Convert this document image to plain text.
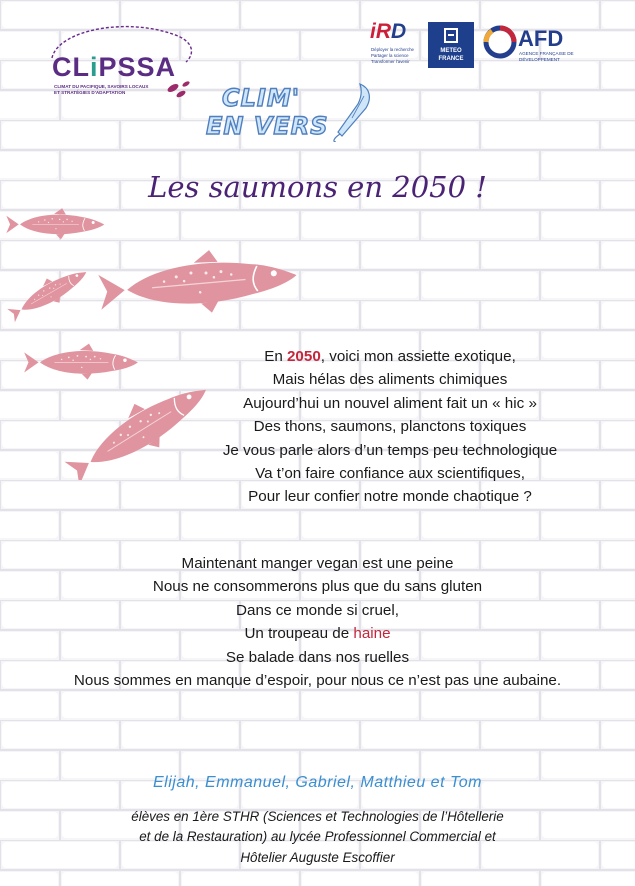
CLiPSSA
CLIMAT DU PACIFIQUE, SAVOIRS LOCAUX ET STRATÉGIES D'ADAPTATION
iRD
Déployer la recherche
Partager la science
Transformer l'avenir
METEO
FRANCE
AFD
AGENCE FRANÇAISE DE DÉVELOPPEMENT
CLIM'
EN VERS
Les saumons en 2050 !
En 2050, voici mon assiette exotique,
Mais hélas des aliments chimiques
Aujourd’hui un nouvel aliment fait un « hic »
Des thons, saumons, planctons toxiques
Je vous parle alors d’un temps peu technologique
Va t’on faire confiance aux scientifiques,
Pour leur confier notre monde chaotique ?
Maintenant manger vegan est une peine
Nous ne consommerons plus que du sans gluten
Dans ce monde si cruel,
Un troupeau de haine
Se balade dans nos ruelles
Nous sommes en manque d’espoir, pour nous ce n’est pas une aubaine.
Elijah, Emmanuel, Gabriel, Matthieu et Tom
élèves en 1ère STHR (Sciences et Technologies de l’Hôtellerie
et de la Restauration) au lycée Professionnel Commercial et
Hôtelier Auguste Escoffier
